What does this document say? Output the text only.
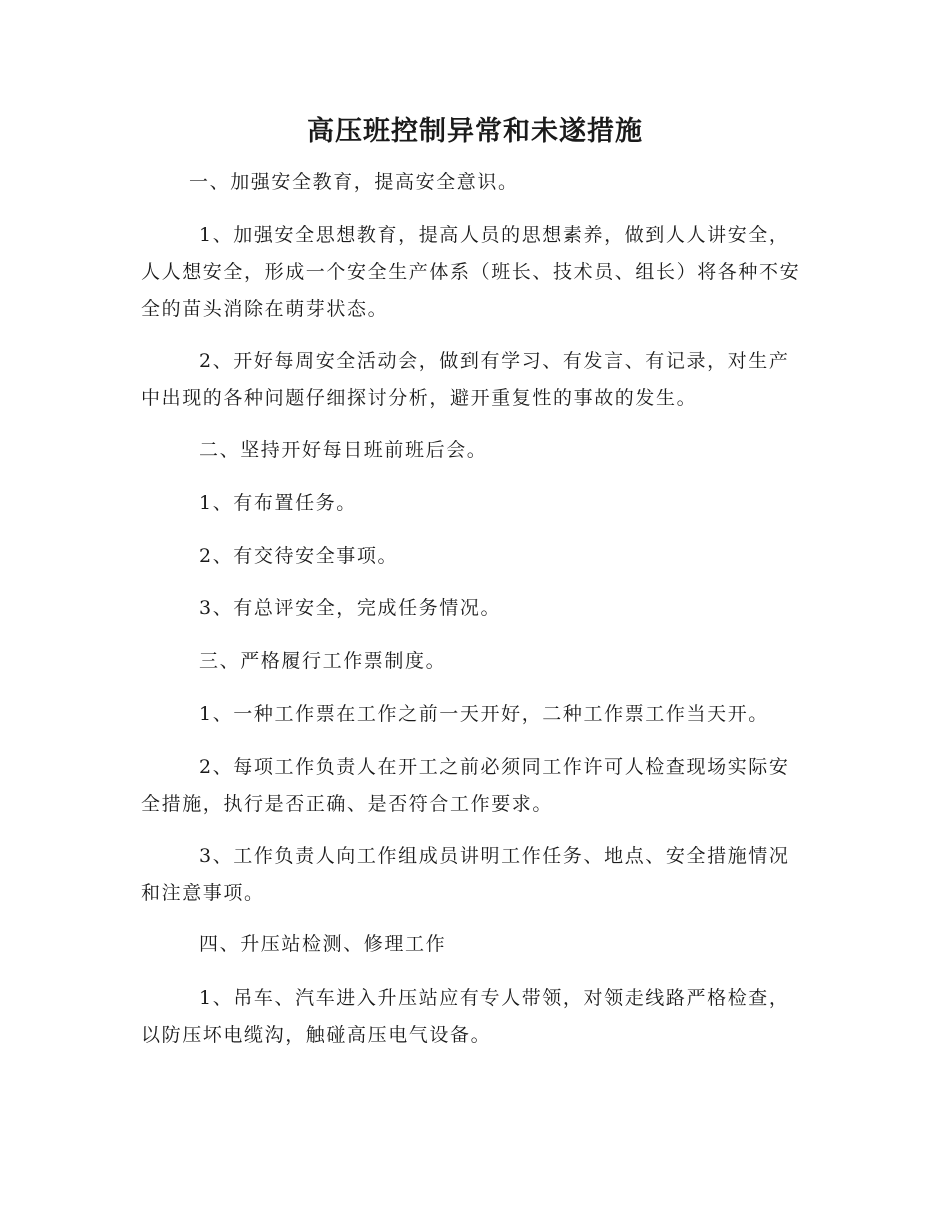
高压班控制异常和未遂措施
一、加强安全教育，提高安全意识。
1、加强安全思想教育，提高人员的思想素养，做到人人讲安全，人人想安全，形成一个安全生产体系（班长、技术员、组长）将各种不安全的苗头消除在萌芽状态。
2、开好每周安全活动会，做到有学习、有发言、有记录，对生产中出现的各种问题仔细探讨分析，避开重复性的事故的发生。
二、坚持开好每日班前班后会。
1、有布置任务。
2、有交待安全事项。
3、有总评安全，完成任务情况。
三、严格履行工作票制度。
1、一种工作票在工作之前一天开好，二种工作票工作当天开。
2、每项工作负责人在开工之前必须同工作许可人检查现场实际安全措施，执行是否正确、是否符合工作要求。
3、工作负责人向工作组成员讲明工作任务、地点、安全措施情况和注意事项。
四、升压站检测、修理工作
1、吊车、汽车进入升压站应有专人带领，对领走线路严格检查，以防压坏电缆沟，触碰高压电气设备。
